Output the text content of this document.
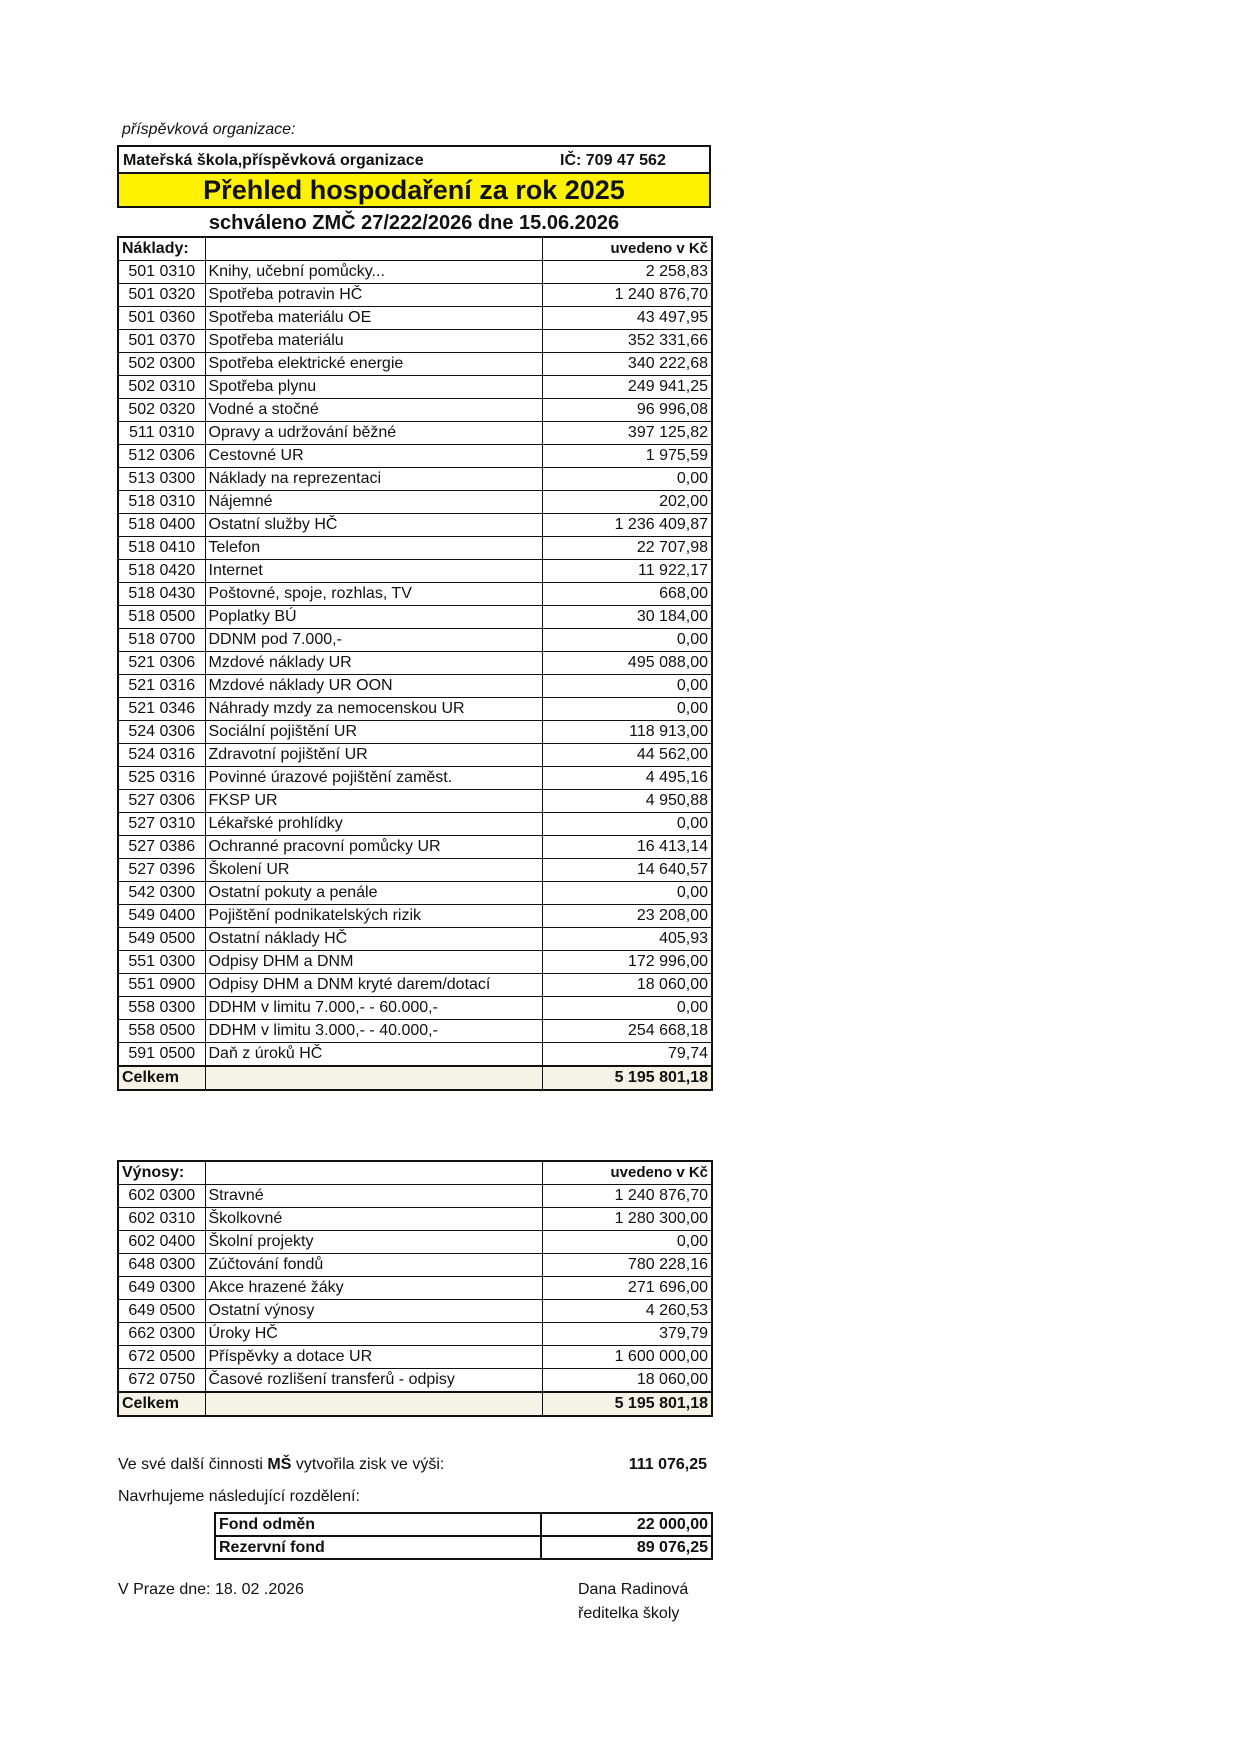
příspěvková organizace:
Mateřská škola,příspěvková organizace	IČ: 709 47 562
Přehled hospodaření za rok 2025
schváleno ZMČ 27/222/2026 dne 15.06.2026
Náklady:		uvedeno v Kč
501 0310	Knihy, učební pomůcky...	2 258,83
501 0320	Spotřeba potravin HČ	1 240 876,70
501 0360	Spotřeba materiálu OE	43 497,95
501 0370	Spotřeba materiálu	352 331,66
502 0300	Spotřeba elektrické energie	340 222,68
502 0310	Spotřeba plynu	249 941,25
502 0320	Vodné a stočné	96 996,08
511 0310	Opravy a udržování běžné	397 125,82
512 0306	Cestovné UR	1 975,59
513 0300	Náklady na reprezentaci	0,00
518 0310	Nájemné	202,00
518 0400	Ostatní služby HČ	1 236 409,87
518 0410	Telefon	22 707,98
518 0420	Internet	11 922,17
518 0430	Poštovné, spoje, rozhlas, TV	668,00
518 0500	Poplatky BÚ	30 184,00
518 0700	DDNM pod 7.000,-	0,00
521 0306	Mzdové náklady UR	495 088,00
521 0316	Mzdové náklady UR OON	0,00
521 0346	Náhrady mzdy za nemocenskou UR	0,00
524 0306	Sociální pojištění UR	118 913,00
524 0316	Zdravotní pojištění UR	44 562,00
525 0316	Povinné úrazové pojištění zaměst.	4 495,16
527 0306	FKSP UR	4 950,88
527 0310	Lékařské prohlídky	0,00
527 0386	Ochranné pracovní pomůcky UR	16 413,14
527 0396	Školení UR	14 640,57
542 0300	Ostatní pokuty a penále	0,00
549 0400	Pojištění podnikatelských rizik	23 208,00
549 0500	Ostatní náklady HČ	405,93
551 0300	Odpisy DHM a DNM	172 996,00
551 0900	Odpisy DHM a DNM kryté darem/dotací	18 060,00
558 0300	DDHM v limitu 7.000,- - 60.000,-	0,00
558 0500	DDHM v limitu 3.000,- - 40.000,-	254 668,18
591 0500	Daň z úroků HČ	79,74
Celkem		5 195 801,18
Výnosy:		uvedeno v Kč
602 0300	Stravné	1 240 876,70
602 0310	Školkovné	1 280 300,00
602 0400	Školní projekty	0,00
648 0300	Zúčtování fondů	780 228,16
649 0300	Akce hrazené žáky	271 696,00
649 0500	Ostatní výnosy	4 260,53
662 0300	Úroky HČ	379,79
672 0500	Příspěvky a dotace UR	1 600 000,00
672 0750	Časové rozlišení transferů - odpisy	18 060,00
Celkem		5 195 801,18
Ve své další činnosti MŠ vytvořila zisk ve výši:	111 076,25
Navrhujeme následující rozdělení:
Fond odměn	22 000,00
Rezervní fond	89 076,25
V Praze dne: 18. 02 .2026	Dana Radinová
ředitelka školy
